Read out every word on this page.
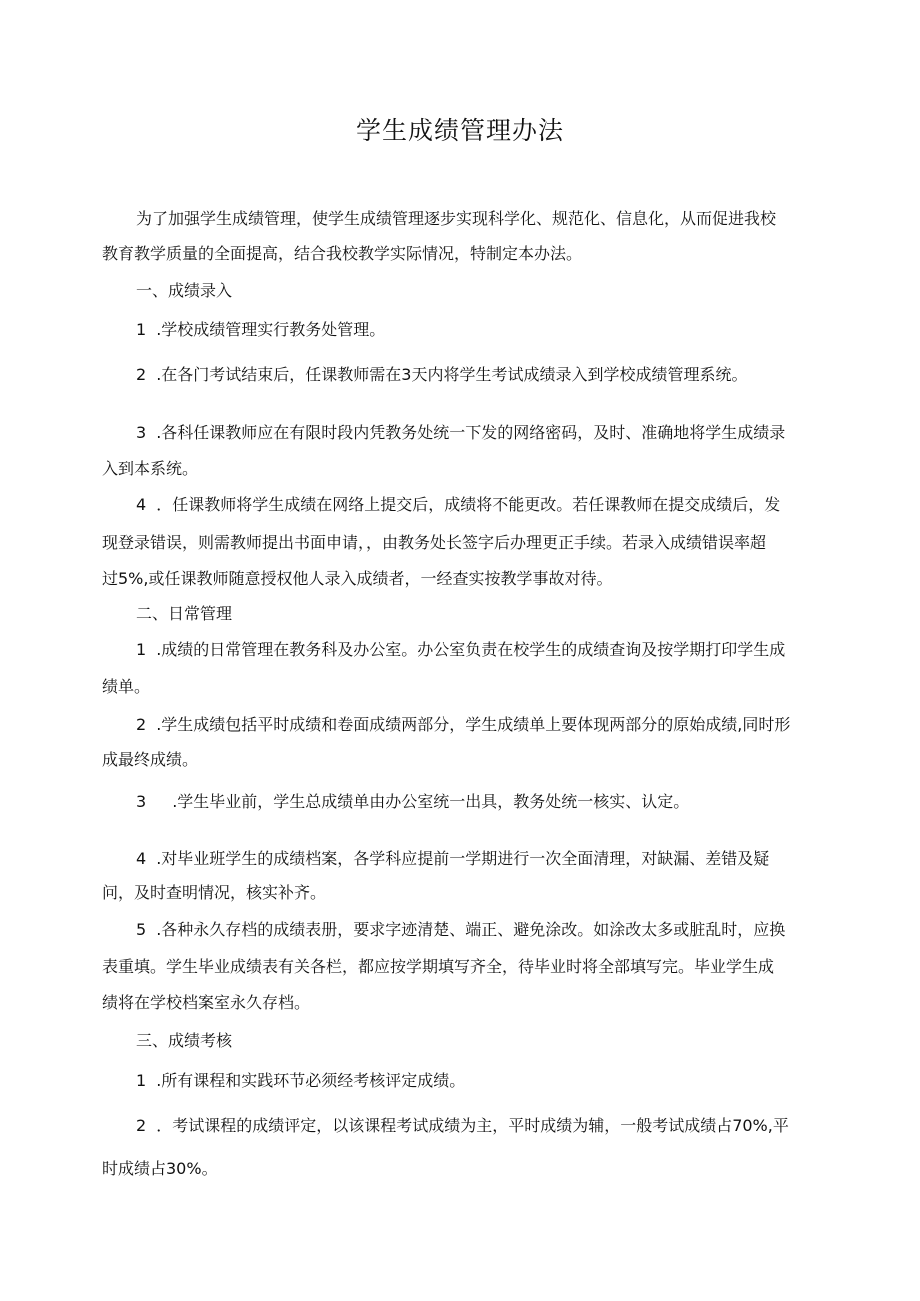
学生成绩管理办法
为了加强学生成绩管理，使学生成绩管理逐步实现科学化、规范化、信息化，从而促进我校
教育教学质量的全面提高，结合我校教学实际情况，特制定本办法。
一、成绩录入
1 .学校成绩管理实行教务处管理。
2 .在各门考试结束后，任课教师需在3天内将学生考试成绩录入到学校成绩管理系统。
3 .各科任课教师应在有限时段内凭教务处统一下发的网络密码，及时、准确地将学生成绩录
入到本系统。
4 ．任课教师将学生成绩在网络上提交后，成绩将不能更改。若任课教师在提交成绩后，发
现登录错误，则需教师提出书面申请，，由教务处长签字后办理更正手续。若录入成绩错误率超
过5%,或任课教师随意授权他人录入成绩者，一经查实按教学事故对待。
二、日常管理
1 .成绩的日常管理在教务科及办公室。办公室负责在校学生的成绩查询及按学期打印学生成
绩单。
2 .学生成绩包括平时成绩和卷面成绩两部分，学生成绩单上要体现两部分的原始成绩,同时形
成最终成绩。
3 .学生毕业前，学生总成绩单由办公室统一出具，教务处统一核实、认定。
4 .对毕业班学生的成绩档案，各学科应提前一学期进行一次全面清理，对缺漏、差错及疑
问，及时查明情况，核实补齐。
5 .各种永久存档的成绩表册，要求字迹清楚、端正、避免涂改。如涂改太多或脏乱时，应换
表重填。学生毕业成绩表有关各栏，都应按学期填写齐全，待毕业时将全部填写完。毕业学生成
绩将在学校档案室永久存档。
三、成绩考核
1 .所有课程和实践环节必须经考核评定成绩。
2 ．考试课程的成绩评定，以该课程考试成绩为主，平时成绩为辅，一般考试成绩占70%,平
时成绩占30%。
